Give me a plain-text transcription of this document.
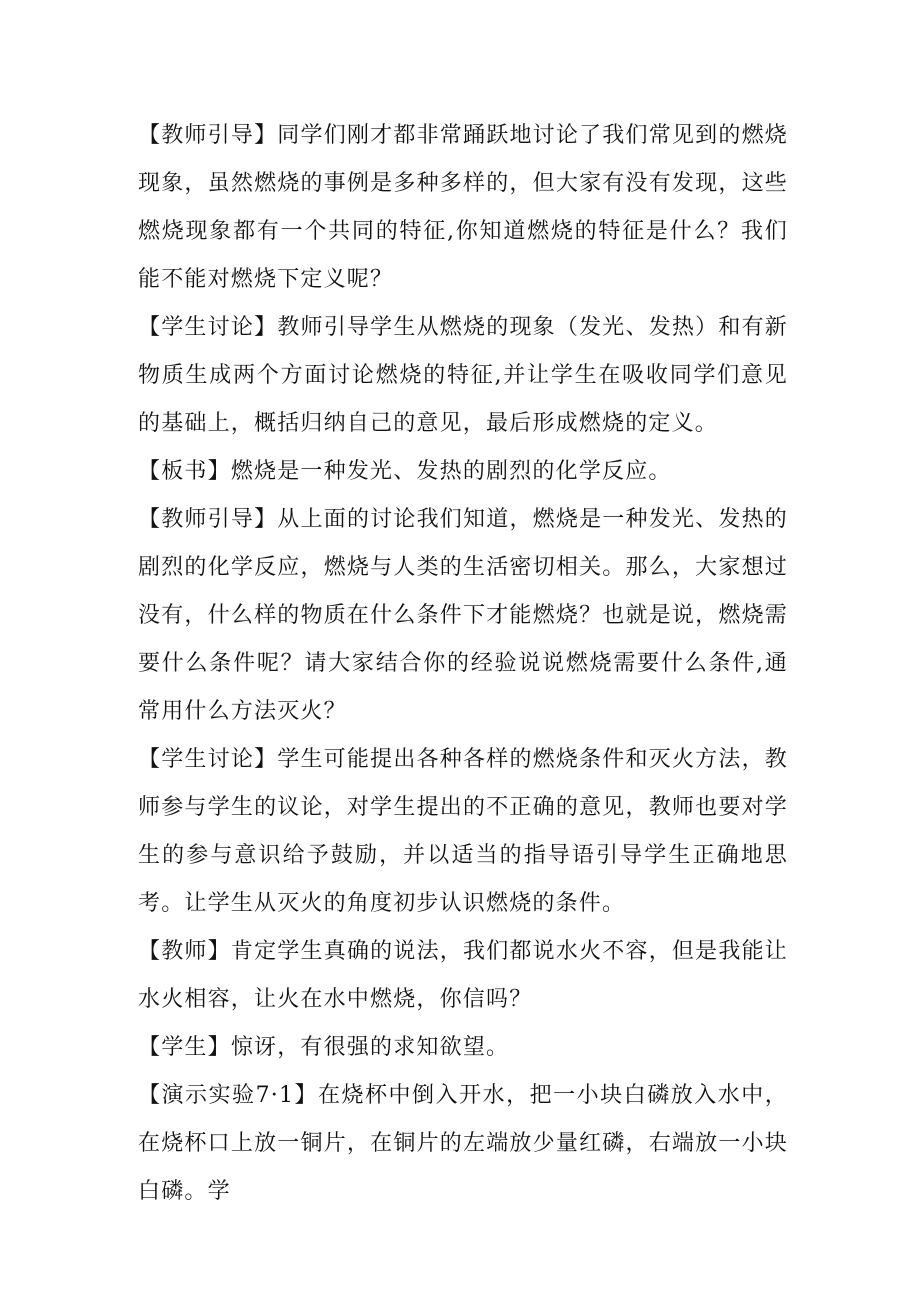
【教师引导】同学们刚才都非常踊跃地讨论了我们常见到的燃烧现象，虽然燃烧的事例是多种多样的，但大家有没有发现，这些燃烧现象都有一个共同的特征,你知道燃烧的特征是什么？我们能不能对燃烧下定义呢？

【学生讨论】教师引导学生从燃烧的现象（发光、发热）和有新物质生成两个方面讨论燃烧的特征,并让学生在吸收同学们意见的基础上，概括归纳自己的意见，最后形成燃烧的定义。

【板书】燃烧是一种发光、发热的剧烈的化学反应。

【教师引导】从上面的讨论我们知道，燃烧是一种发光、发热的剧烈的化学反应，燃烧与人类的生活密切相关。那么，大家想过没有，什么样的物质在什么条件下才能燃烧？也就是说，燃烧需要什么条件呢？请大家结合你的经验说说燃烧需要什么条件,通常用什么方法灭火？

【学生讨论】学生可能提出各种各样的燃烧条件和灭火方法，教师参与学生的议论，对学生提出的不正确的意见，教师也要对学生的参与意识给予鼓励，并以适当的指导语引导学生正确地思考。让学生从灭火的角度初步认识燃烧的条件。

【教师】肯定学生真确的说法，我们都说水火不容，但是我能让水火相容，让火在水中燃烧，你信吗？

【学生】惊讶，有很强的求知欲望。

【演示实验7·1】在烧杯中倒入开水，把一小块白磷放入水中，在烧杯口上放一铜片，在铜片的左端放少量红磷，右端放一小块白磷。学
